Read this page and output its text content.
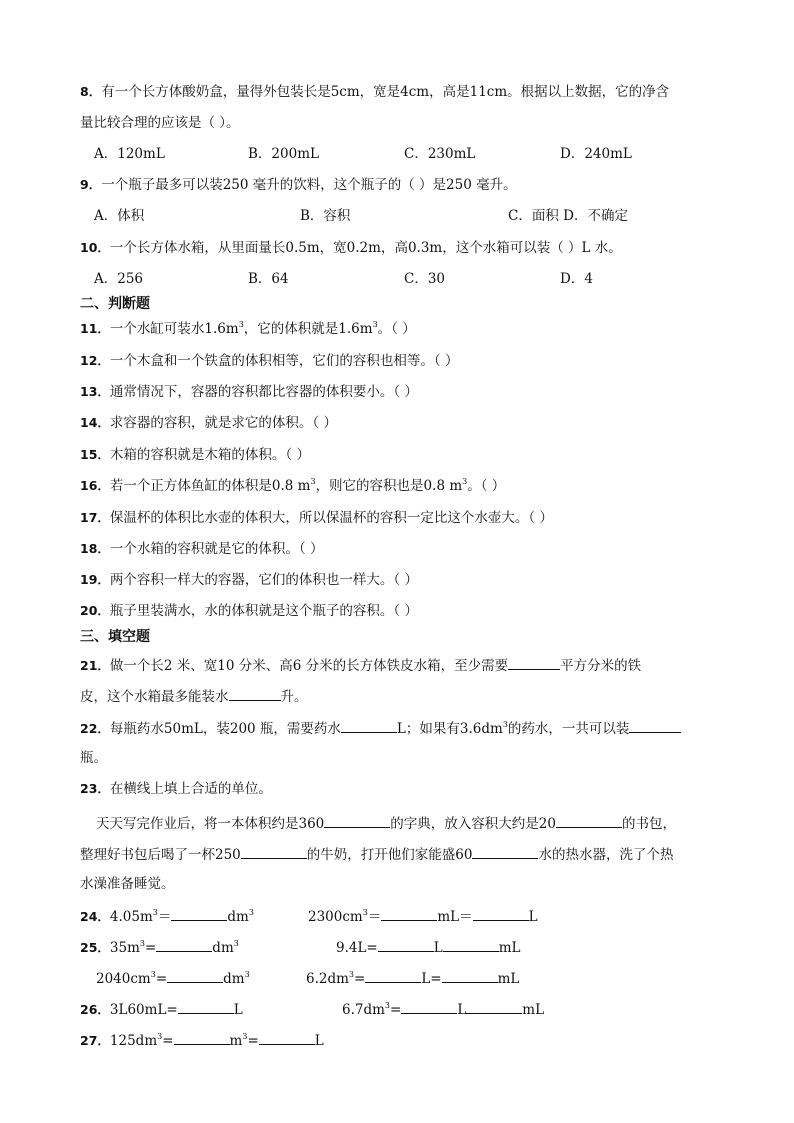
8．有一个长方体酸奶盒，量得外包装长是5cm，宽是4cm，高是11cm。根据以上数据，它的净含
量比较合理的应该是（ ）。
A．120mL	B．200mL	C．230mL	D．240mL
9．一个瓶子最多可以装250 毫升的饮料，这个瓶子的（ ）是250 毫升。
A．体积	B．容积	C．面积 D．不确定
10．一个长方体水箱，从里面量长0.5m，宽0.2m，高0.3m，这个水箱可以装（ ）L 水。
A．256	B．64	C．30	D．4
二、判断题
11．一个水缸可装水$1.6m^3$，它的体积就是$1.6m^3$。（ ）
12．一个木盒和一个铁盒的体积相等，它们的容积也相等。（ ）
13．通常情况下，容器的容积都比容器的体积要小。（ ）
14．求容器的容积，就是求它的体积。（ ）
15．木箱的容积就是木箱的体积。（ ）
16．若一个正方体鱼缸的体积是0.8 $m^3$，则它的容积也是0.8 $m^3$。（ ）
17．保温杯的体积比水壶的体积大，所以保温杯的容积一定比这个水壶大。（ ）
18．一个水箱的容积就是它的体积。（ ）
19．两个容积一样大的容器，它们的体积也一样大。（ ）
20．瓶子里装满水，水的体积就是这个瓶子的容积。（ ）
三、填空题
21．做一个长2 米、宽10 分米、高6 分米的长方体铁皮水箱，至少需要	平方分米的铁
皮，这个水箱最多能装水	升。
22．每瓶药水50mL，装200 瓶，需要药水	L；如果有$3.6dm^3$的药水，一共可以装
瓶。
23．在横线上填上合适的单位。
天天写完作业后，将一本体积约是360	的字典，放入容积大约是20	的书包，
整理好书包后喝了一杯250	的牛奶，打开他们家能盛60	水的热水器，洗了个热
水澡准备睡觉。
24．$4.05m^3=$	$dm^3$	$2300cm^3=$	mL＝	L
25．$35m^3=$	$dm^3$	9.4L=	L	mL
$2040cm^3=$	$dm^3$	$6.2dm^3=$	L=	mL
26．3L60mL=	L	$6.7dm^3=$	L	mL
27．$125dm^3=$	$m^3=$	L
